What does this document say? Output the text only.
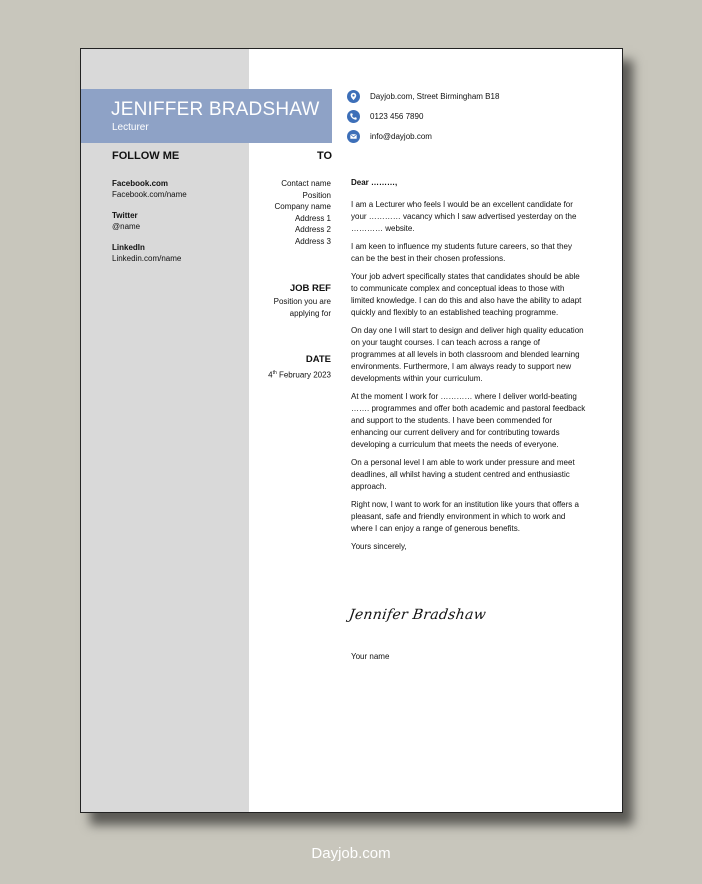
JENIFFER BRADSHAW
Lecturer
Dayjob.com, Street Birmingham B18
0123 456 7890
info@dayjob.com
FOLLOW ME
Facebook.com
Facebook.com/name
Twitter
@name
LinkedIn
Linkedin.com/name
TO
Contact name
Position
Company name
Address 1
Address 2
Address 3
JOB REF
Position you are
applying for
DATE
4th February 2023

Dear ………,

I am a Lecturer who feels I would be an excellent candidate for your ………… vacancy which I saw advertised yesterday on the ………… website.

I am keen to influence my students future careers, so that they can be the best in their chosen professions.

Your job advert specifically states that candidates should be able to communicate complex and conceptual ideas to those with limited knowledge. I can do this and also have the ability to adapt quickly and flexibly to an established teaching programme.

On day one I will start to design and deliver high quality education on your taught courses. I can teach across a range of programmes at all levels in both classroom and blended learning environments. Furthermore, I am always ready to support new developments within your curriculum.

At the moment I work for ………… where I deliver world-beating ……. programmes and offer both academic and pastoral feedback and support to the students. I have been commended for enhancing our current delivery and for contributing towards developing a curriculum that meets the needs of everyone.

On a personal level I am able to work under pressure and meet deadlines, all whilst having a student centred and enthusiastic approach.

Right now, I want to work for an institution like yours that offers a pleasant, safe and friendly environment in which to work and where I can enjoy a range of generous benefits.

Yours sincerely,

Jennifer Bradshaw
Your name
Dayjob.com
